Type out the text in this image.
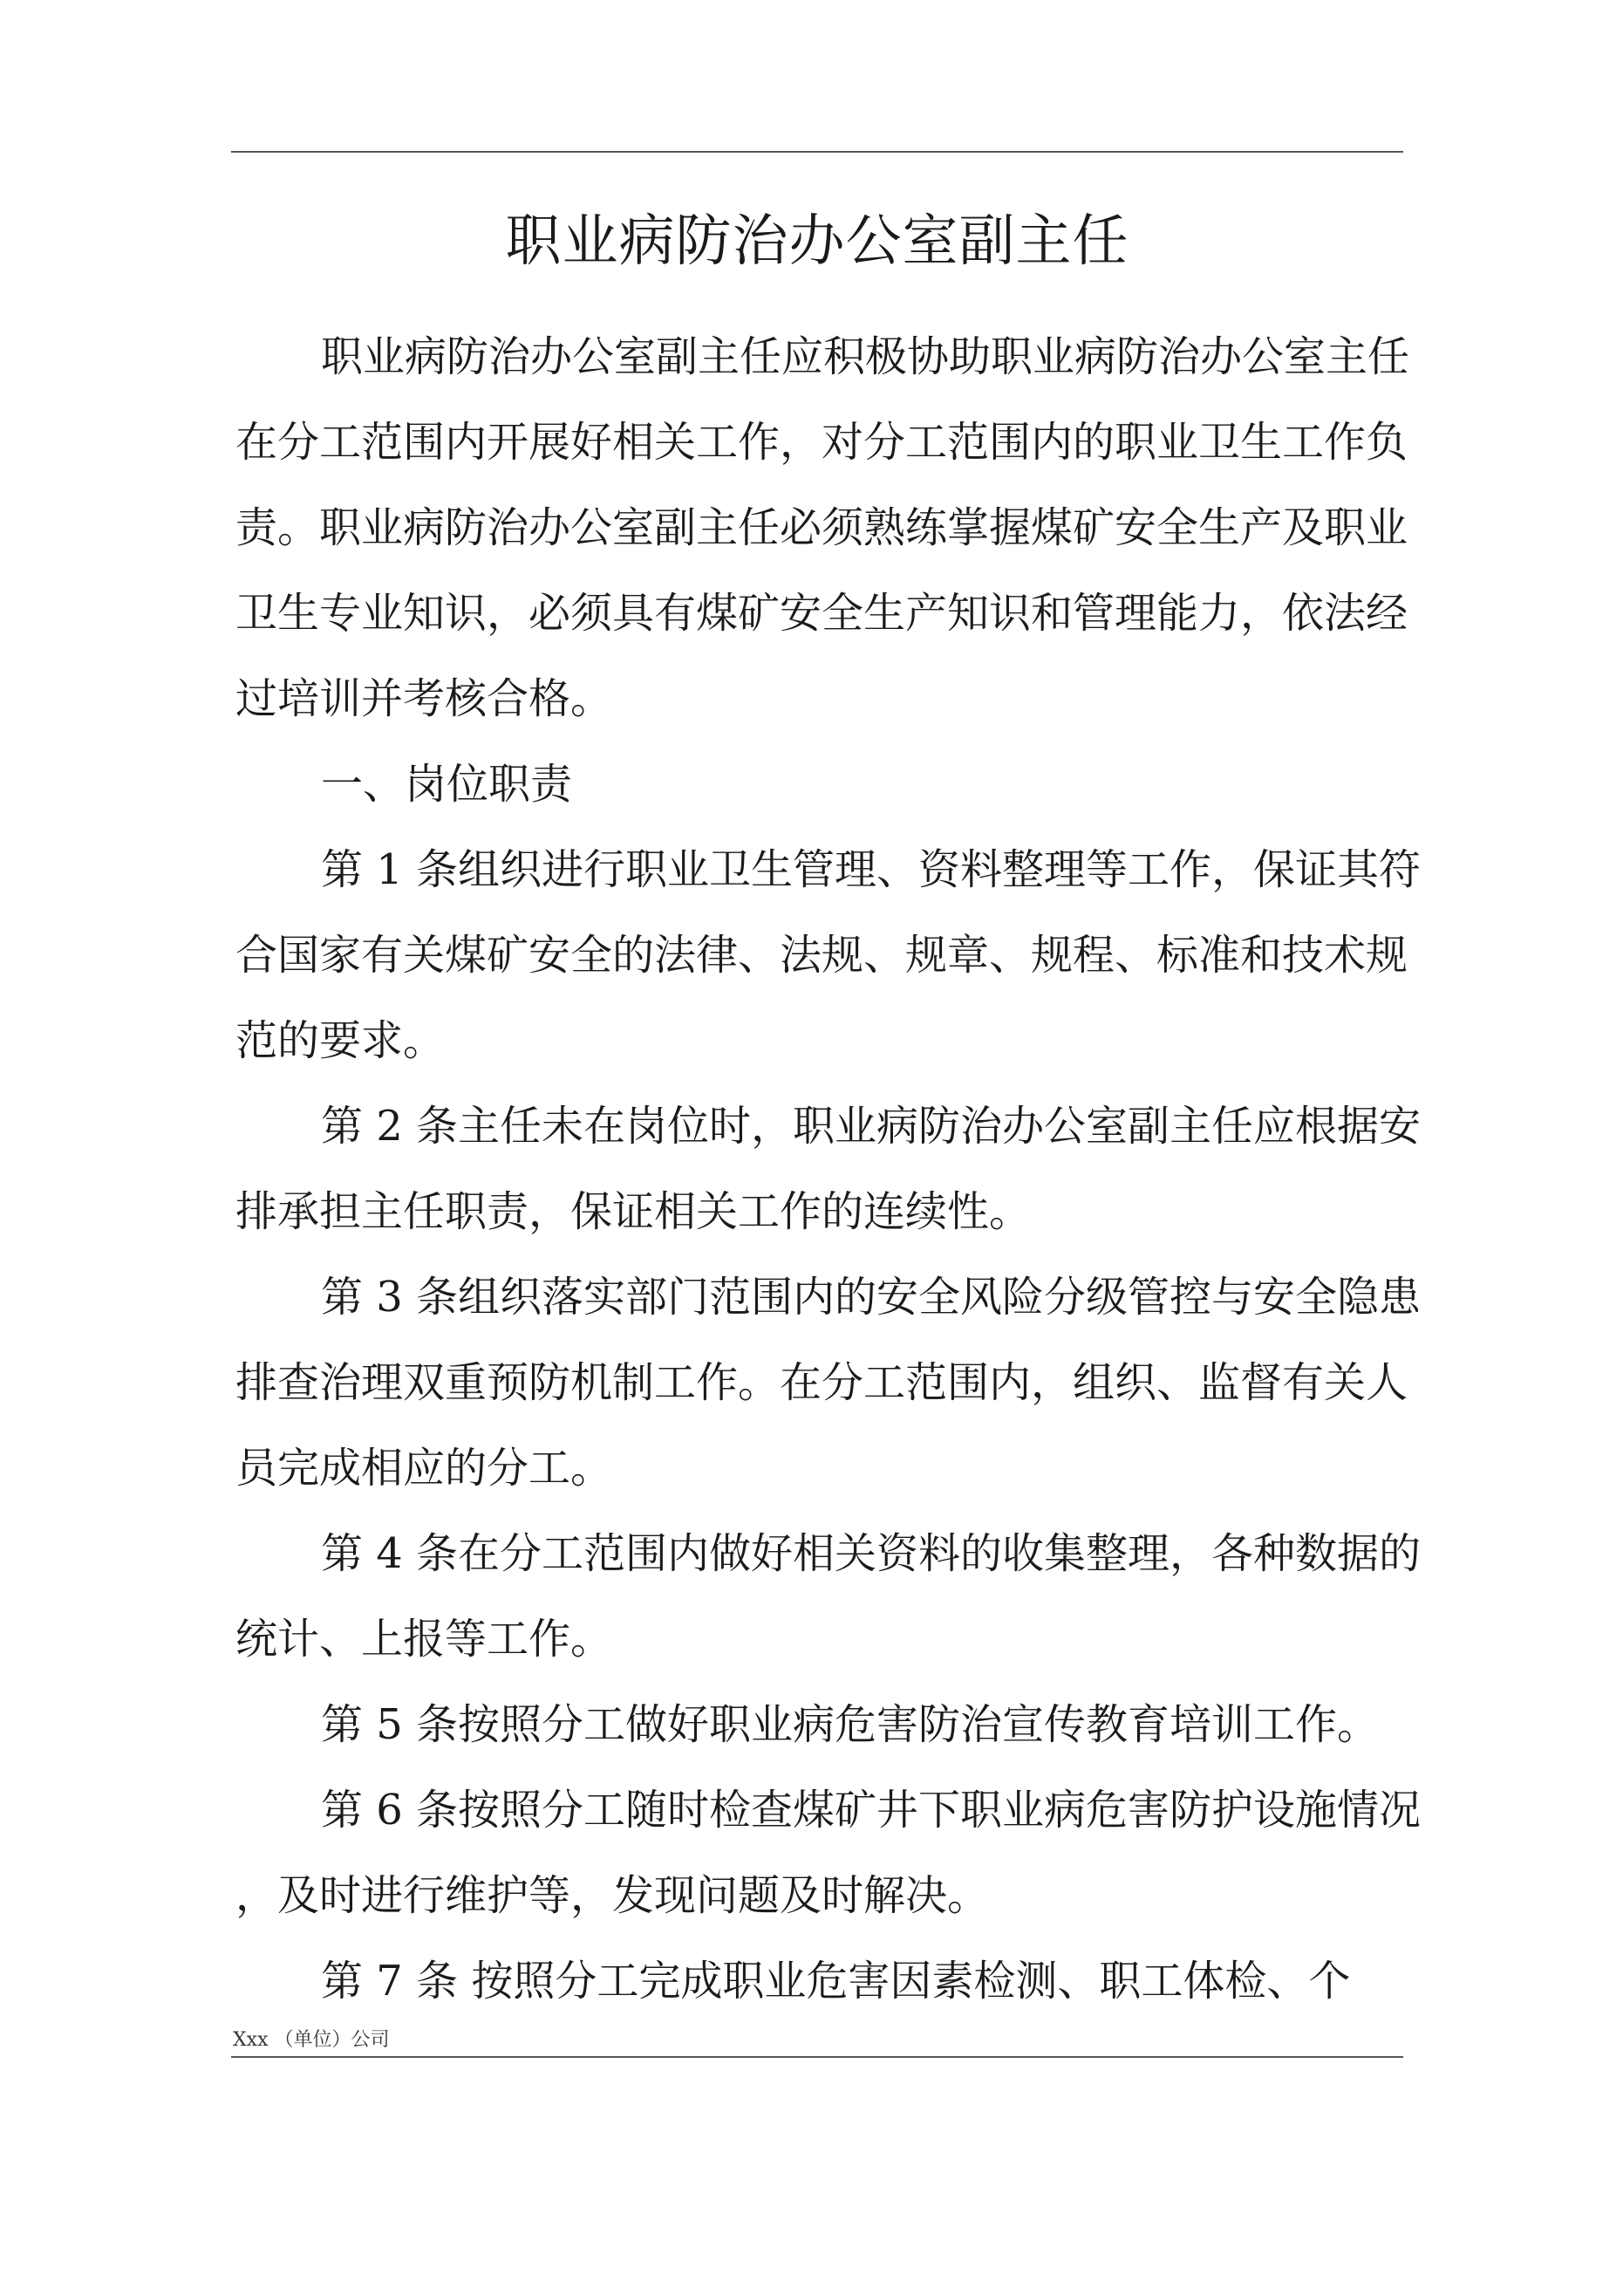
职业病防治办公室副主任
职业病防治办公室副主任应积极协助职业病防治办公室主任
在分工范围内开展好相关工作，对分工范围内的职业卫生工作负
责。职业病防治办公室副主任必须熟练掌握煤矿安全生产及职业
卫生专业知识，必须具有煤矿安全生产知识和管理能力，依法经
过培训并考核合格。
一、岗位职责
第 1 条组织进行职业卫生管理、资料整理等工作，保证其符
合国家有关煤矿安全的法律、法规、规章、规程、标准和技术规
范的要求。
第 2 条主任未在岗位时，职业病防治办公室副主任应根据安
排承担主任职责，保证相关工作的连续性。
第 3 条组织落实部门范围内的安全风险分级管控与安全隐患
排查治理双重预防机制工作。在分工范围内，组织、监督有关人
员完成相应的分工。
第 4 条在分工范围内做好相关资料的收集整理，各种数据的
统计、上报等工作。
第 5 条按照分工做好职业病危害防治宣传教育培训工作。
第 6 条按照分工随时检查煤矿井下职业病危害防护设施情况
，及时进行维护等，发现问题及时解决。
第 7 条 按照分工完成职业危害因素检测、职工体检、个
Xxx （单位）公司
